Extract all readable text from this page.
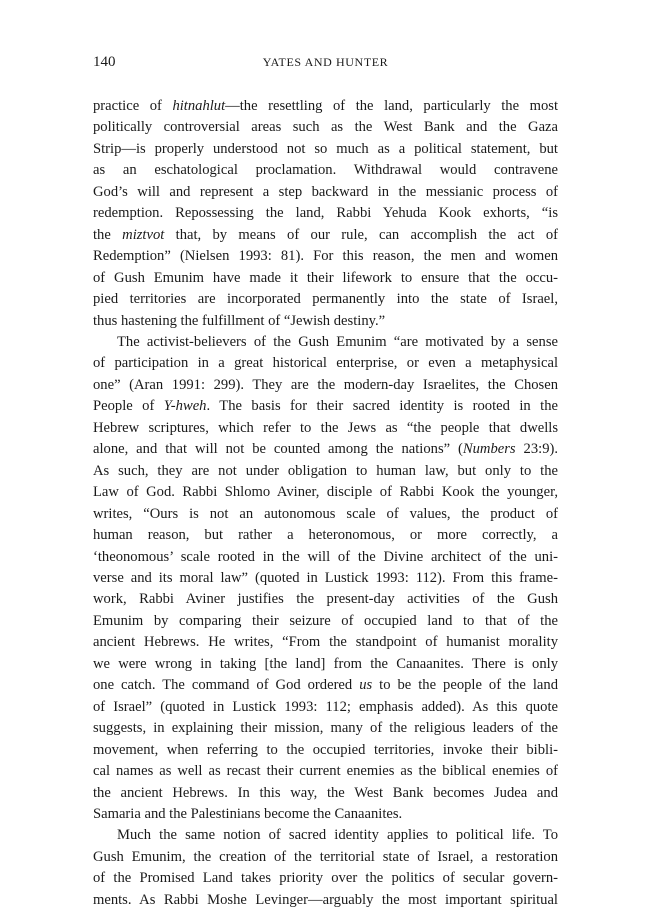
140	YATES AND HUNTER

practice of hitnahlut—the resettling of the land, particularly the most
politically controversial areas such as the West Bank and the Gaza
Strip—is properly understood not so much as a political statement, but
as an eschatological proclamation. Withdrawal would contravene
God’s will and represent a step backward in the messianic process of
redemption. Repossessing the land, Rabbi Yehuda Kook exhorts, “is
the miztvot that, by means of our rule, can accomplish the act of
Redemption” (Nielsen 1993: 81). For this reason, the men and women
of Gush Emunim have made it their lifework to ensure that the occu-
pied territories are incorporated permanently into the state of Israel,
thus hastening the fulfillment of “Jewish destiny.”

The activist-believers of the Gush Emunim “are motivated by a sense
of participation in a great historical enterprise, or even a metaphysical
one” (Aran 1991: 299). They are the modern-day Israelites, the Chosen
People of Y-hweh. The basis for their sacred identity is rooted in the
Hebrew scriptures, which refer to the Jews as “the people that dwells
alone, and that will not be counted among the nations” (Numbers 23:9).
As such, they are not under obligation to human law, but only to the
Law of God. Rabbi Shlomo Aviner, disciple of Rabbi Kook the younger,
writes, “Ours is not an autonomous scale of values, the product of
human reason, but rather a heteronomous, or more correctly, a
‘theonomous’ scale rooted in the will of the Divine architect of the uni-
verse and its moral law” (quoted in Lustick 1993: 112). From this frame-
work, Rabbi Aviner justifies the present-day activities of the Gush
Emunim by comparing their seizure of occupied land to that of the
ancient Hebrews. He writes, “From the standpoint of humanist morality
we were wrong in taking [the land] from the Canaanites. There is only
one catch. The command of God ordered us to be the people of the land
of Israel” (quoted in Lustick 1993: 112; emphasis added). As this quote
suggests, in explaining their mission, many of the religious leaders of the
movement, when referring to the occupied territories, invoke their bibli-
cal names as well as recast their current enemies as the biblical enemies of
the ancient Hebrews. In this way, the West Bank becomes Judea and
Samaria and the Palestinians become the Canaanites.

Much the same notion of sacred identity applies to political life. To
Gush Emunim, the creation of the territorial state of Israel, a restoration
of the Promised Land takes priority over the politics of secular govern-
ments. As Rabbi Moshe Levinger—arguably the most important spiritual
